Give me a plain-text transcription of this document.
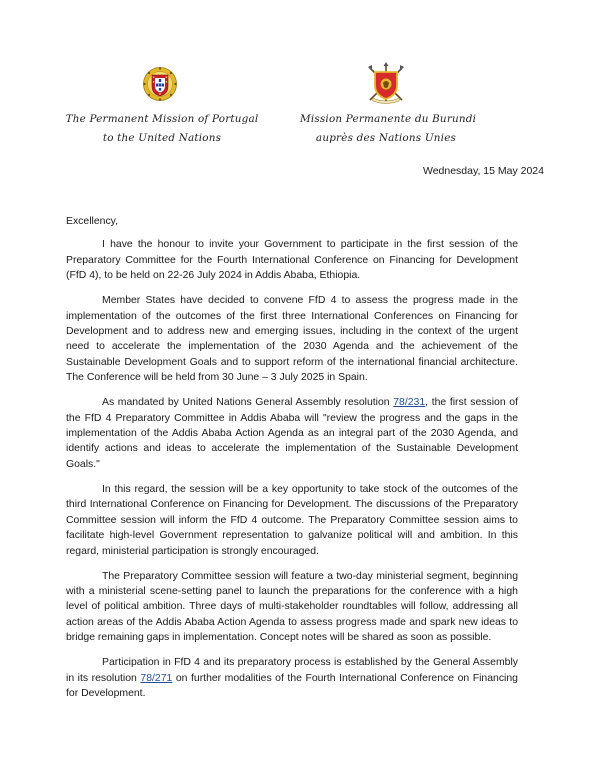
The Permanent Mission of Portugal
to the United Nations
Mission Permanente du Burundi
auprès des Nations Unies
Wednesday, 15 May 2024

Excellency,

I have the honour to invite your Government to participate in the first session of the Preparatory Committee for the Fourth International Conference on Financing for Development (FfD 4), to be held on 22-26 July 2024 in Addis Ababa, Ethiopia.

Member States have decided to convene FfD 4 to assess the progress made in the implementation of the outcomes of the first three International Conferences on Financing for Development and to address new and emerging issues, including in the context of the urgent need to accelerate the implementation of the 2030 Agenda and the achievement of the Sustainable Development Goals and to support reform of the international financial architecture. The Conference will be held from 30 June – 3 July 2025 in Spain.

As mandated by United Nations General Assembly resolution 78/231, the first session of the FfD 4 Preparatory Committee in Addis Ababa will "review the progress and the gaps in the implementation of the Addis Ababa Action Agenda as an integral part of the 2030 Agenda, and identify actions and ideas to accelerate the implementation of the Sustainable Development Goals."

In this regard, the session will be a key opportunity to take stock of the outcomes of the third International Conference on Financing for Development. The discussions of the Preparatory Committee session will inform the FfD 4 outcome. The Preparatory Committee session aims to facilitate high-level Government representation to galvanize political will and ambition. In this regard, ministerial participation is strongly encouraged.

The Preparatory Committee session will feature a two-day ministerial segment, beginning with a ministerial scene-setting panel to launch the preparations for the conference with a high level of political ambition. Three days of multi-stakeholder roundtables will follow, addressing all action areas of the Addis Ababa Action Agenda to assess progress made and spark new ideas to bridge remaining gaps in implementation. Concept notes will be shared as soon as possible.

Participation in FfD 4 and its preparatory process is established by the General Assembly in its resolution 78/271 on further modalities of the Fourth International Conference on Financing for Development.
